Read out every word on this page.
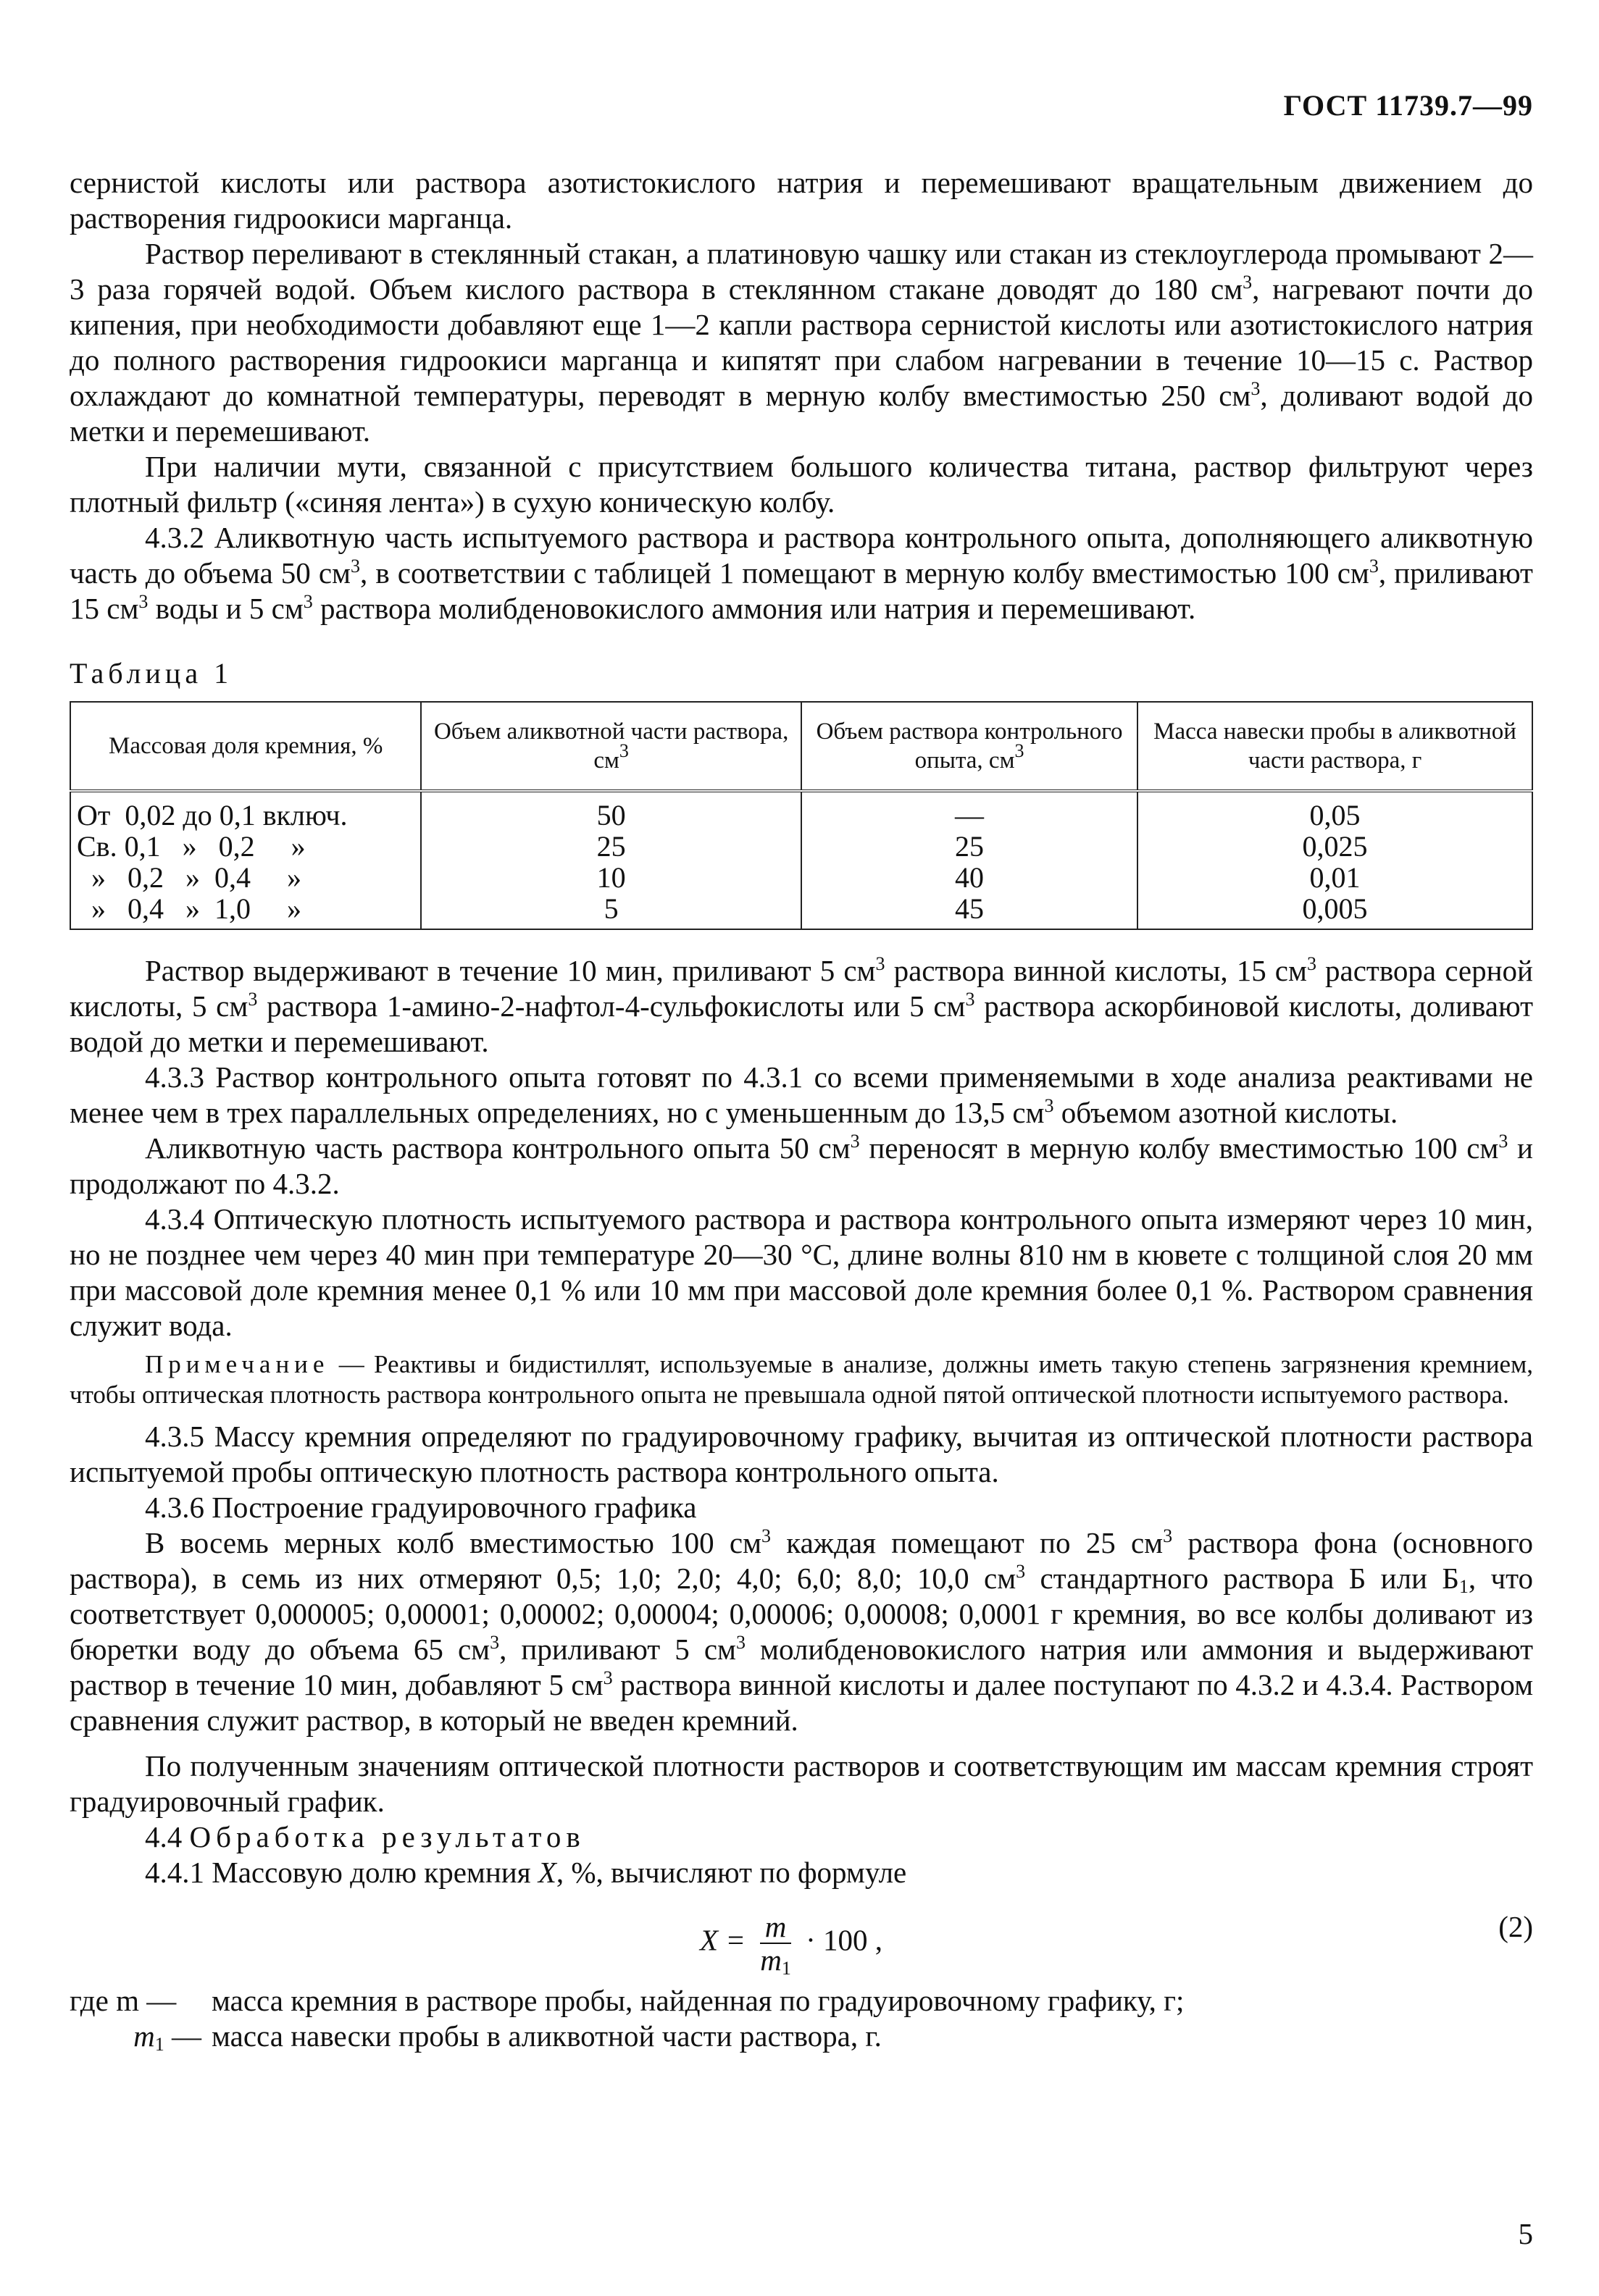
ГОСТ 11739.7—99

сернистой кислоты или раствора азотистокислого натрия и перемешивают вращательным движением до растворения гидроокиси марганца.

Раствор переливают в стеклянный стакан, а платиновую чашку или стакан из стеклоуглерода промывают 2—3 раза горячей водой. Объем кислого раствора в стеклянном стакане доводят до 180 $см^3$, нагревают почти до кипения, при необходимости добавляют еще 1—2 капли раствора сернистой кислоты или азотистокислого натрия до полного растворения гидроокиси марганца и кипятят при слабом нагревании в течение 10—15 с. Раствор охлаждают до комнатной температуры, переводят в мерную колбу вместимостью 250 $см^3$, доливают водой до метки и перемешивают.

При наличии мути, связанной с присутствием большого количества титана, раствор фильтруют через плотный фильтр («синяя лента») в сухую коническую колбу.

4.3.2 Аликвотную часть испытуемого раствора и раствора контрольного опыта, дополняющего аликвотную часть до объема 50 $см^3$, в соответствии с таблицей 1 помещают в мерную колбу вместимостью 100 $см^3$, приливают 15 $см^3$ воды и 5 $см^3$ раствора молибденовокислого аммония или натрия и перемешивают.

Таблица 1
Массовая доля кремния, %	Объем аликвотной части раствора, $см^3$	Объем раствора контрольного опыта, $см^3$	Масса навески пробы в аликвотной части раствора, г
От  0,02 до 0,1 включ.	50	—	0,05
Св. 0,1   »   0,2     »	25	25	0,025
»   0,2   »  0,4     »	10	40	0,01
»   0,4   »  1,0     »	5	45	0,005

Раствор выдерживают в течение 10 мин, приливают 5 $см^3$ раствора винной кислоты, 15 $см^3$ раствора серной кислоты, 5 $см^3$ раствора 1-амино-2-нафтол-4-сульфокислоты или 5 $см^3$ раствора аскорбиновой кислоты, доливают водой до метки и перемешивают.

4.3.3 Раствор контрольного опыта готовят по 4.3.1 со всеми применяемыми в ходе анализа реактивами не менее чем в трех параллельных определениях, но с уменьшенным до 13,5 $см^3$ объемом азотной кислоты.

Аликвотную часть раствора контрольного опыта 50 $см^3$ переносят в мерную колбу вместимостью 100 $см^3$ и продолжают по 4.3.2.

4.3.4 Оптическую плотность испытуемого раствора и раствора контрольного опыта измеряют через 10 мин, но не позднее чем через 40 мин при температуре 20—30 °С, длине волны 810 нм в кювете с толщиной слоя 20 мм при массовой доле кремния менее 0,1 % или 10 мм при массовой доле кремния более 0,1 %. Раствором сравнения служит вода.

Примечание — Реактивы и бидистиллят, используемые в анализе, должны иметь такую степень загрязнения кремнием, чтобы оптическая плотность раствора контрольного опыта не превышала одной пятой оптической плотности испытуемого раствора.

4.3.5 Массу кремния определяют по градуировочному графику, вычитая из оптической плотности раствора испытуемой пробы оптическую плотность раствора контрольного опыта.

4.3.6 Построение градуировочного графика

В восемь мерных колб вместимостью 100 $см^3$ каждая помещают по 25 $см^3$ раствора фона (основного раствора), в семь из них отмеряют 0,5; 1,0; 2,0; 4,0; 6,0; 8,0; 10,0 $см^3$ стандартного раствора Б или $Б_1$, что соответствует 0,000005; 0,00001; 0,00002; 0,00004; 0,00006; 0,00008; 0,0001 г кремния, во все колбы доливают из бюретки воду до объема 65 $см^3$, приливают 5 $см^3$ молибденовокислого натрия или аммония и выдерживают раствор в течение 10 мин, добавляют 5 $см^3$ раствора винной кислоты и далее поступают по 4.3.2 и 4.3.4. Раствором сравнения служит раствор, в который не введен кремний.

По полученным значениям оптической плотности растворов и соответствующим им массам кремния строят градуировочный график.

4.4 Обработка результатов

4.4.1 Массовую долю кремния X, %, вычисляют по формуле

$X = \frac{m}{m_1} \cdot 100$ ,	(2)
где m —	масса кремния в растворе пробы, найденная по градуировочному графику, г;
$m_1$ — масса навески пробы в аликвотной части раствора, г.
5
